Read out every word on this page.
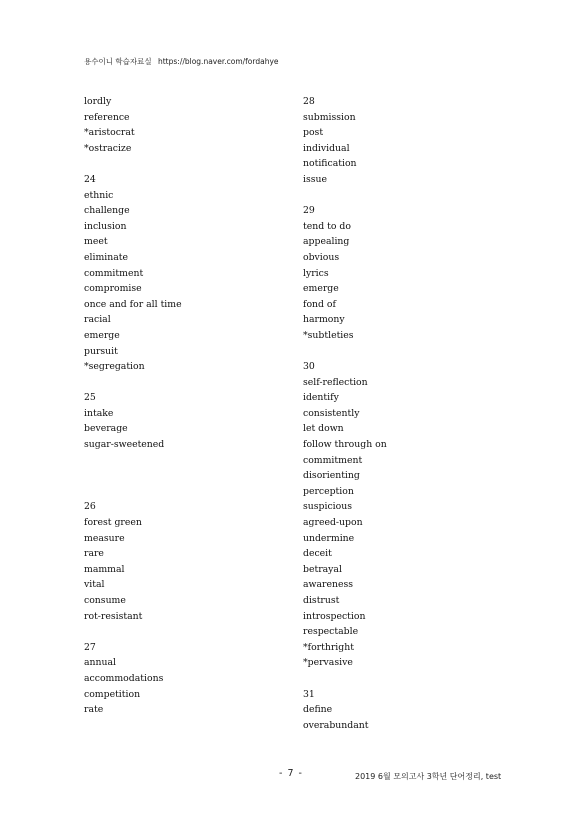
용수이니 학습자료실 https://blog.naver.com/fordahye
lordly
reference
*aristocrat
*ostracize
24
ethnic
challenge
inclusion
meet
eliminate
commitment
compromise
once and for all time
racial
emerge
pursuit
*segregation
25
intake
beverage
sugar-sweetened
26
forest green
measure
rare
mammal
vital
consume
rot-resistant
27
annual
accommodations
competition
rate
28
submission
post
individual
notification
issue
29
tend to do
appealing
obvious
lyrics
emerge
fond of
harmony
*subtleties
30
self-reflection
identify
consistently
let down
follow through on
commitment
disorienting
perception
suspicious
agreed-upon
undermine
deceit
betrayal
awareness
distrust
introspection
respectable
*forthright
*pervasive
31
define
overabundant
- 7 -	2019 6월 모의고사 3학년 단어정리, test
